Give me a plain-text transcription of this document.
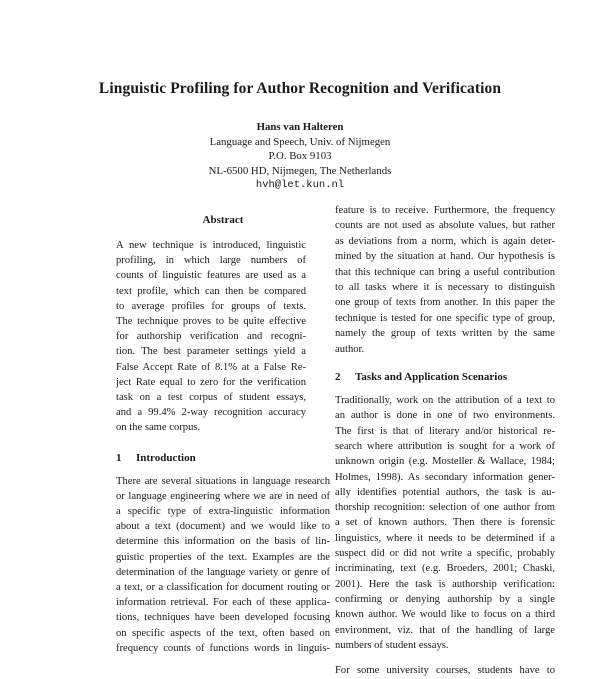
Linguistic Profiling for Author Recognition and Verification
Hans van Halteren
Language and Speech, Univ. of Nijmegen
P.O. Box 9103
NL-6500 HD, Nijmegen, The Netherlands
hvh@let.kun.nl
Abstract
A new technique is introduced, linguistic
profiling, in which large numbers of
counts of linguistic features are used as a
text profile, which can then be compared
to average profiles for groups of texts.
The technique proves to be quite effective
for authorship verification and recogni-
tion. The best parameter settings yield a
False Accept Rate of 8.1% at a False Re-
ject Rate equal to zero for the verification
task on a test corpus of student essays,
and a 99.4% 2-way recognition accuracy
on the same corpus.
1 Introduction
There are several situations in language research
or language engineering where we are in need of
a specific type of extra-linguistic information
about a text (document) and we would like to
determine this information on the basis of lin-
guistic properties of the text. Examples are the
determination of the language variety or genre of
a text, or a classification for document routing or
information retrieval. For each of these applica-
tions, techniques have been developed focusing
on specific aspects of the text, often based on
frequency counts of functions words in linguis-
feature is to receive. Furthermore, the frequency
counts are not used as absolute values, but rather
as deviations from a norm, which is again deter-
mined by the situation at hand. Our hypothesis is
that this technique can bring a useful contribution
to all tasks where it is necessary to distinguish
one group of texts from another. In this paper the
technique is tested for one specific type of group,
namely the group of texts written by the same
author.
2 Tasks and Application Scenarios
Traditionally, work on the attribution of a text to
an author is done in one of two environments.
The first is that of literary and/or historical re-
search where attribution is sought for a work of
unknown origin (e.g. Mosteller & Wallace, 1984;
Holmes, 1998). As secondary information gener-
ally identifies potential authors, the task is au-
thorship recognition: selection of one author from
a set of known authors. Then there is forensic
linguistics, where it needs to be determined if a
suspect did or did not write a specific, probably
incriminating, text (e.g. Broeders, 2001; Chaski,
2001). Here the task is authorship verification:
confirming or denying authorship by a single
known author. We would like to focus on a third
environment, viz. that of the handling of large
numbers of student essays.
For some university courses, students have to
